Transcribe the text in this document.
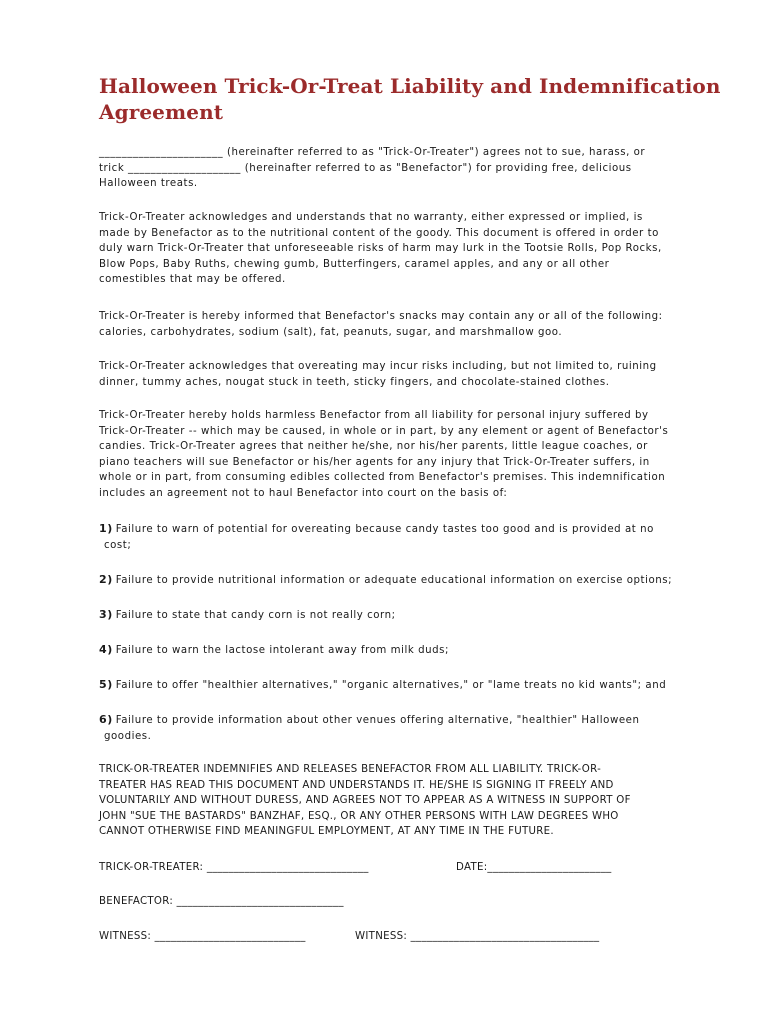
Halloween Trick-Or-Treat Liability and Indemnification
Agreement
______________________ (hereinafter referred to as "Trick-Or-Treater") agrees not to sue, harass, or
trick ____________________ (hereinafter referred to as "Benefactor") for providing free, delicious
Halloween treats.
Trick-Or-Treater acknowledges and understands that no warranty, either expressed or implied, is
made by Benefactor as to the nutritional content of the goody. This document is offered in order to
duly warn Trick-Or-Treater that unforeseeable risks of harm may lurk in the Tootsie Rolls, Pop Rocks,
Blow Pops, Baby Ruths, chewing gumb, Butterfingers, caramel apples, and any or all other
comestibles that may be offered.
Trick-Or-Treater is hereby informed that Benefactor's snacks may contain any or all of the following:
calories, carbohydrates, sodium (salt), fat, peanuts, sugar, and marshmallow goo.
Trick-Or-Treater acknowledges that overeating may incur risks including, but not limited to, ruining
dinner, tummy aches, nougat stuck in teeth, sticky fingers, and chocolate-stained clothes.
Trick-Or-Treater hereby holds harmless Benefactor from all liability for personal injury suffered by
Trick-Or-Treater -- which may be caused, in whole or in part, by any element or agent of Benefactor's
candies. Trick-Or-Treater agrees that neither he/she, nor his/her parents, little league coaches, or
piano teachers will sue Benefactor or his/her agents for any injury that Trick-Or-Treater suffers, in
whole or in part, from consuming edibles collected from Benefactor's premises. This indemnification
includes an agreement not to haul Benefactor into court on the basis of:
1) Failure to warn of potential for overeating because candy tastes too good and is provided at no
cost;
2) Failure to provide nutritional information or adequate educational information on exercise options;
3) Failure to state that candy corn is not really corn;
4) Failure to warn the lactose intolerant away from milk duds;
5) Failure to offer "healthier alternatives," "organic alternatives," or "lame treats no kid wants"; and
6) Failure to provide information about other venues offering alternative, "healthier" Halloween
goodies.
TRICK-OR-TREATER INDEMNIFIES AND RELEASES BENEFACTOR FROM ALL LIABILITY. TRICK-OR-
TREATER HAS READ THIS DOCUMENT AND UNDERSTANDS IT. HE/SHE IS SIGNING IT FREELY AND
VOLUNTARILY AND WITHOUT DURESS, AND AGREES NOT TO APPEAR AS A WITNESS IN SUPPORT OF
JOHN "SUE THE BASTARDS" BANZHAF, ESQ., OR ANY OTHER PERSONS WITH LAW DEGREES WHO
CANNOT OTHERWISE FIND MEANINGFUL EMPLOYMENT, AT ANY TIME IN THE FUTURE.
TRICK-OR-TREATER: ______________________________	DATE:_______________________
BENEFACTOR: _______________________________
WITNESS: ____________________________	WITNESS: ___________________________________
